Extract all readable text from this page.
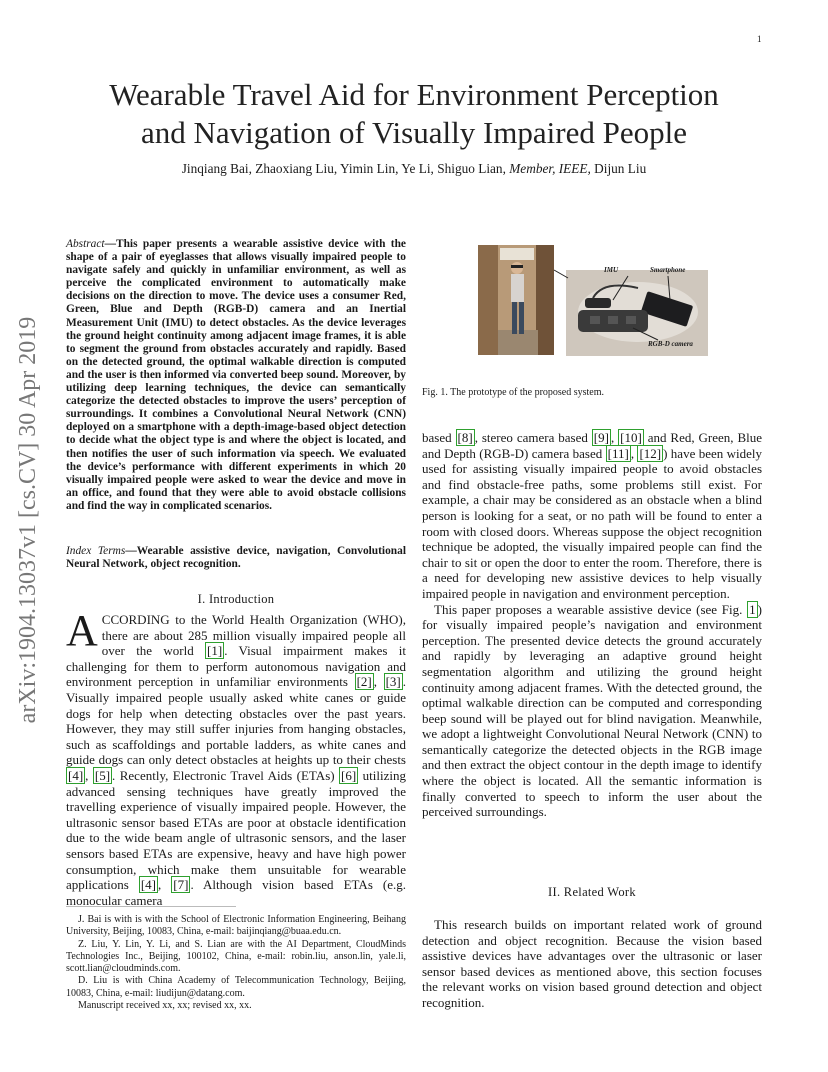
1
arXiv:1904.13037v1 [cs.CV] 30 Apr 2019
Wearable Travel Aid for Environment Perception
and Navigation of Visually Impaired People
Jinqiang Bai, Zhaoxiang Liu, Yimin Lin, Ye Li, Shiguo Lian, Member, IEEE, Dijun Liu
Abstract—This paper presents a wearable assistive device with the shape of a pair of eyeglasses that allows visually impaired people to navigate safely and quickly in unfamiliar environment, as well as perceive the complicated environment to automatically make decisions on the direction to move. The device uses a consumer Red, Green, Blue and Depth (RGB-D) camera and an Inertial Measurement Unit (IMU) to detect obstacles. As the device leverages the ground height continuity among adjacent image frames, it is able to segment the ground from obstacles accurately and rapidly. Based on the detected ground, the optimal walkable direction is computed and the user is then informed via converted beep sound. Moreover, by utilizing deep learning techniques, the device can semantically categorize the detected obstacles to improve the users’ perception of surroundings. It combines a Convolutional Neural Network (CNN) deployed on a smartphone with a depth-image-based object detection to decide what the object type is and where the object is located, and then notifies the user of such information via speech. We evaluated the device’s performance with different experiments in which 20 visually impaired people were asked to wear the device and move in an office, and found that they were able to avoid obstacle collisions and find the way in complicated scenarios.
Index Terms—Wearable assistive device, navigation, Convolutional Neural Network, object recognition.
I. Introduction
ACCORDING to the World Health Organization (WHO), there are about 285 million visually impaired people all over the world [1] . Visual impairment makes it challenging for them to perform autonomous navigation and environment perception in unfamiliar environments [2] , [3] . Visually impaired people usually asked white canes or guide dogs for help when detecting obstacles over the past years. However, they may still suffer injuries from hanging obstacles, such as scaffoldings and portable ladders, as white canes and guide dogs can only detect obstacles at heights up to their chests [4] , [5] . Recently, Electronic Travel Aids (ETAs) [6] utilizing advanced sensing techniques have greatly improved the travelling experience of visually impaired people. However, the ultrasonic sensor based ETAs are poor at obstacle identification due to the wide beam angle of ultrasonic sensors, and the laser sensors based ETAs are expensive, heavy and have high power consumption, which make them unsuitable for wearable applications [4] , [7] . Although vision based ETAs (e.g. monocular camera

J. Bai is with is with the School of Electronic Information Engineering, Beihang University, Beijing, 10083, China, e-mail: baijinqiang@buaa.edu.cn.

Z. Liu, Y. Lin, Y. Li, and S. Lian are with the AI Department, CloudMinds Technologies Inc., Beijing, 100102, China, e-mail: robin.liu, anson.lin, yale.li, scott.lian@cloudminds.com.

D. Liu is with China Academy of Telecommunication Technology, Beijing, 10083, China, e-mail: liudijun@datang.com.

Manuscript received xx, xx; revised xx, xx.

IMU	Smartphone
RGB-D camera
Fig. 1. The prototype of the proposed system.

based [8] , stereo camera based [9] , [10] and Red, Green, Blue and Depth (RGB-D) camera based [11] , [12] ) have been widely used for assisting visually impaired people to avoid obstacles and find obstacle-free paths, some problems still exist. For example, a chair may be considered as an obstacle when a blind person is looking for a seat, or no path will be found to enter a room with closed doors. Whereas suppose the object recognition technique be adopted, the visually impaired people can find the chair to sit or open the door to enter the room. Therefore, there is a need for developing new assistive devices to help visually impaired people in navigation and environment perception.

This paper proposes a wearable assistive device (see Fig. 1 ) for visually impaired people’s navigation and environment perception. The presented device detects the ground accurately and rapidly by leveraging an adaptive ground height segmentation algorithm and utilizing the ground height continuity among adjacent frames. With the detected ground, the optimal walkable direction can be computed and corresponding beep sound will be played out for blind navigation. Meanwhile, we adopt a lightweight Convolutional Neural Network (CNN) to semantically categorize the detected objects in the RGB image and then extract the object contour in the depth image to identify where the object is located. All the semantic information is finally converted to speech to inform the user about the perceived surroundings.

II. Related Work

This research builds on important related work of ground detection and object recognition. Because the vision based assistive devices have advantages over the ultrasonic or laser sensor based devices as mentioned above, this section focuses the relevant works on vision based ground detection and object recognition.
